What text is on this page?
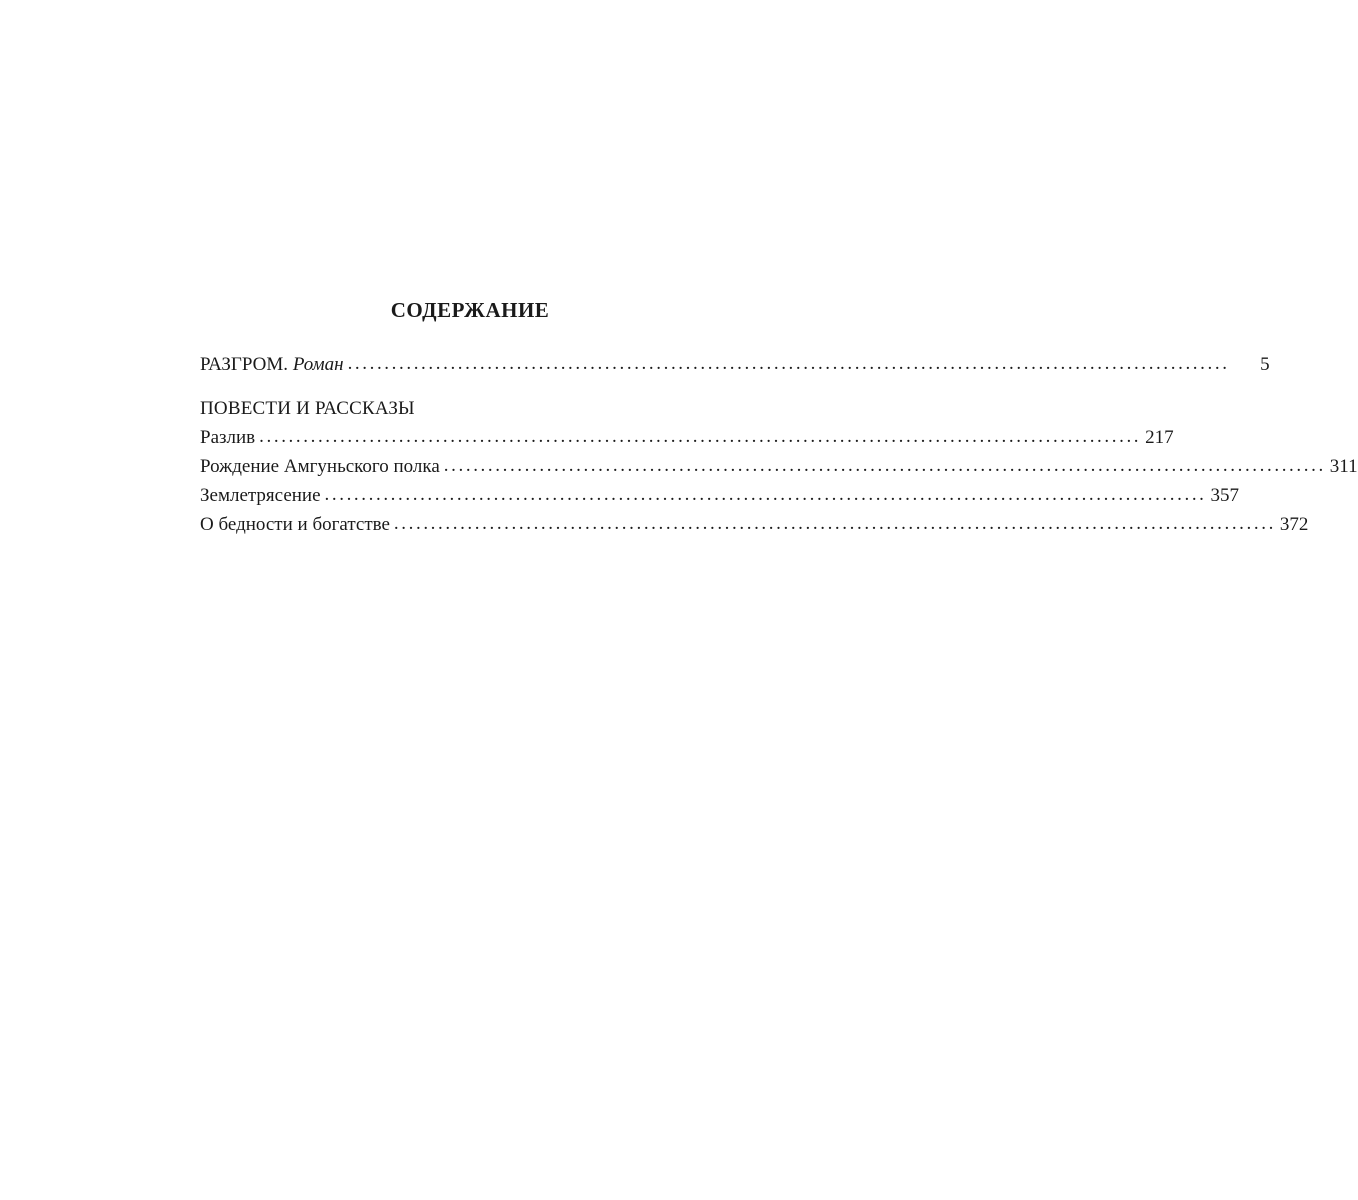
СОДЕРЖАНИЕ
РАЗГРОМ. Роман ........................................................................................................................	5
ПОВЕСТИ И РАССКАЗЫ
Разлив ........................................................................................................................ 217
Рождение Амгуньского полка ........................................................................................................................ 311
Землетрясение ........................................................................................................................ 357
О бедности и богатстве ........................................................................................................................ 372
